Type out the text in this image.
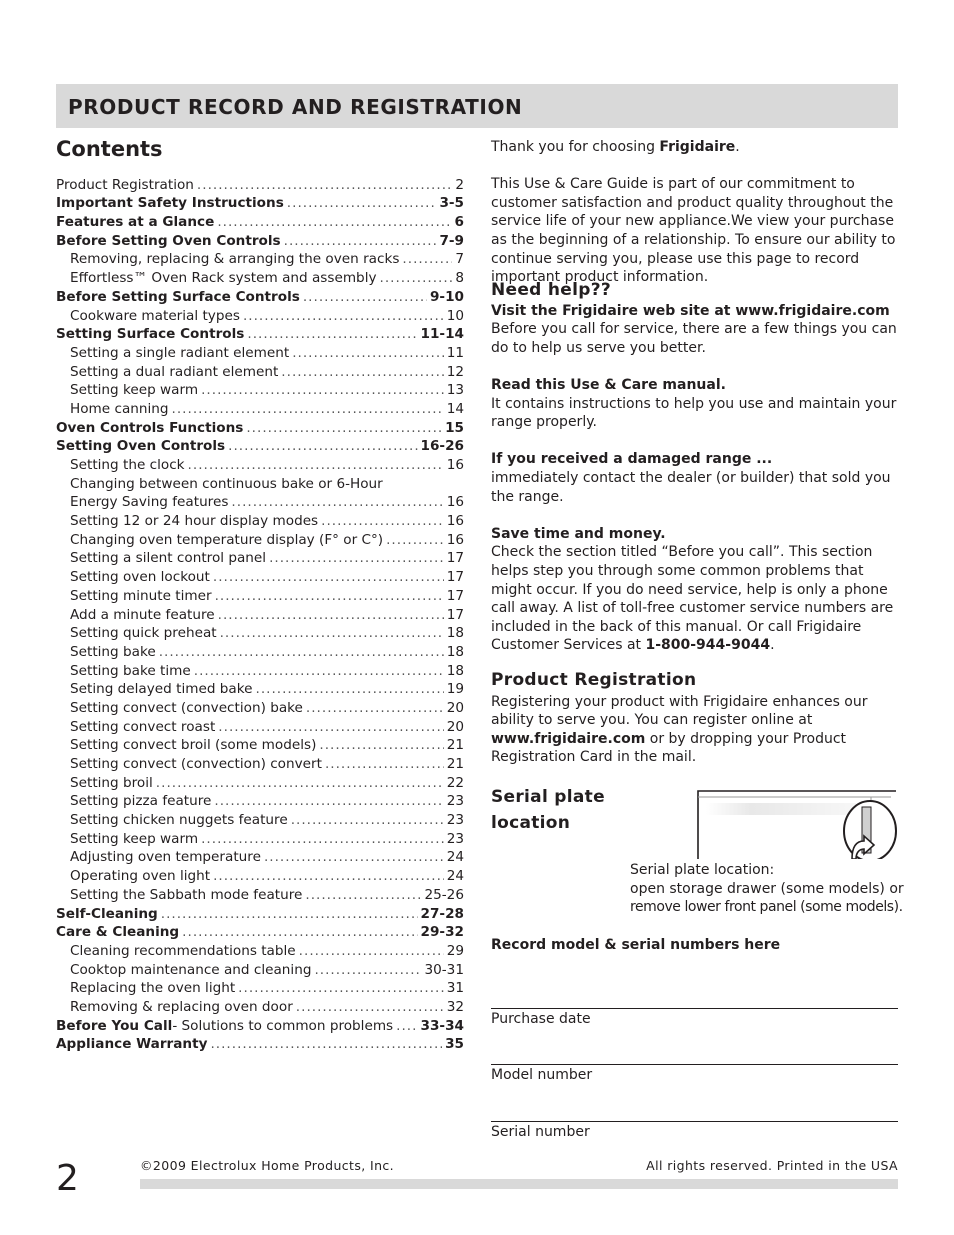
PRODUCT RECORD AND REGISTRATION
Contents
Product Registration .....	2
Important Safety Instructions .....	3-5
Features at a Glance .....	6
Before Setting Oven Controls .....	7-9
Removing, replacing & arranging the oven racks .....	7
Effortless™ Oven Rack system and assembly .....	8
Before Setting Surface Controls .....	9-10
Cookware material types .....	10
Setting Surface Controls .....	11-14
Setting a single radiant element .....	11
Setting a dual radiant element .....	12
Setting keep warm .....	13
Home canning .....	14
Oven Controls Functions .....	15
Setting Oven Controls .....	16-26
Setting the clock .....	16
Changing between continuous bake or 6-Hour
Energy Saving features .....	16
Setting 12 or 24 hour display modes .....	16
Changing oven temperature display (F° or C°) .....	16
Setting a silent control panel .....	17
Setting oven lockout .....	17
Setting minute timer .....	17
Add a minute feature .....	17
Setting quick preheat .....	18
Setting bake .....	18
Setting bake time .....	18
Seting delayed timed bake .....	19
Setting convect (convection) bake .....	20
Setting convect roast .....	20
Setting convect broil (some models) .....	21
Setting convect (convection) convert .....	21
Setting broil .....	22
Setting pizza feature .....	23
Setting chicken nuggets feature .....	23
Setting keep warm .....	23
Adjusting oven temperature .....	24
Operating oven light .....	24
Setting the Sabbath mode feature .....	25-26
Self-Cleaning .....	27-28
Care & Cleaning .....	29-32
Cleaning recommendations table .....	29
Cooktop maintenance and cleaning .....	30-31
Replacing the oven light .....	31
Removing & replacing oven door .....	32
Before You Call - Solutions to common problems ..... 33-34
Appliance Warranty .....	35

Thank you for choosing Frigidaire.

This Use & Care Guide is part of our commitment to customer satisfaction and product quality throughout the service life of your new appliance.We view your purchase as the beginning of a relationship. To ensure our ability to continue serving you, please use this page to record important product information.

Need help??

Visit the Frigidaire web site at www.frigidaire.com

Before you call for service, there are a few things you can do to help us serve you better.

Read this Use & Care manual.

It contains instructions to help you use and maintain your range properly.

If you received a damaged range ...

immediately contact the dealer (or builder) that sold you the range.

Save time and money.

Check the section titled “Before you call”. This section helps step you through some common problems that might occur. If you do need service, help is only a phone call away. A list of toll-free customer service numbers are included in the back of this manual. Or call Frigidaire Customer Services at 1-800-944-9044.

Product Registration

Registering your product with Frigidaire enhances our ability to serve you. You can register online at

www.frigidaire.com or by dropping your Product Registration Card in the mail.

Serial plate
location
Serial plate location:
open storage drawer (some models) or
remove lower front panel (some models).
Record model & serial numbers here
Purchase date
Model number
Serial number
2	©2009 Electrolux Home Products, Inc.	All rights reserved. Printed in the USA
